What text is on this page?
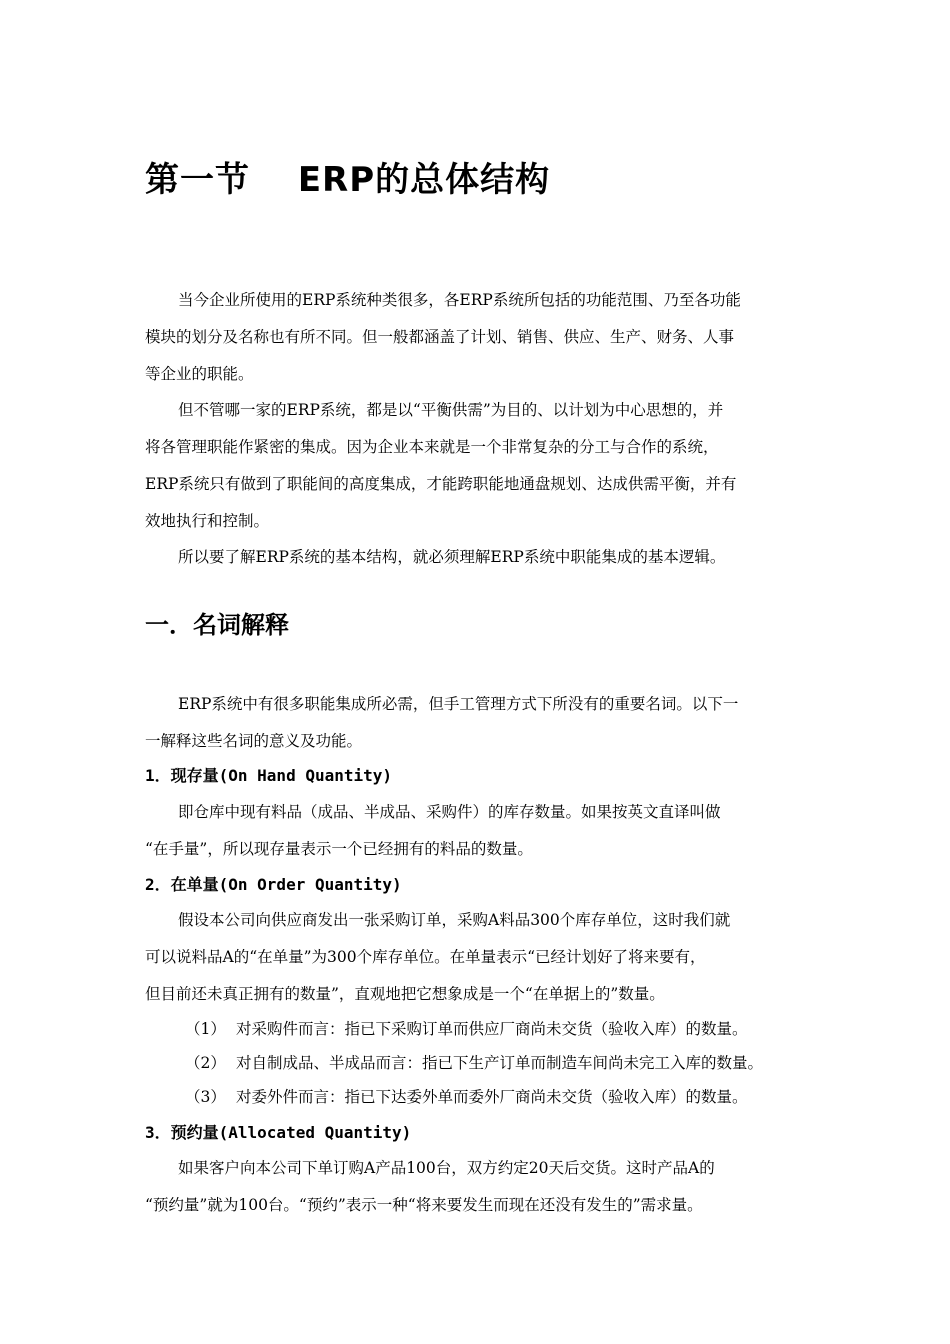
第一节　 ERP的总体结构

当今企业所使用的ERP系统种类很多，各ERP系统所包括的功能范围、乃至各功能

模块的划分及名称也有所不同。但一般都涵盖了计划、销售、供应、生产、财务、人事

等企业的职能。

但不管哪一家的ERP系统，都是以“平衡供需”为目的、以计划为中心思想的，并

将各管理职能作紧密的集成。因为企业本来就是一个非常复杂的分工与合作的系统，

ERP系统只有做到了职能间的高度集成，才能跨职能地通盘规划、达成供需平衡，并有

效地执行和控制。

所以要了解ERP系统的基本结构，就必须理解ERP系统中职能集成的基本逻辑。

一．名词解释

ERP系统中有很多职能集成所必需，但手工管理方式下所没有的重要名词。以下一

一解释这些名词的意义及功能。

1．现存量(On Hand Quantity)

即仓库中现有料品（成品、半成品、采购件）的库存数量。如果按英文直译叫做

“在手量”，所以现存量表示一个已经拥有的料品的数量。

2．在单量(On Order Quantity)

假设本公司向供应商发出一张采购订单，采购A料品300个库存单位，这时我们就

可以说料品A的“在单量”为300个库存单位。在单量表示“已经计划好了将来要有，

但目前还未真正拥有的数量”，直观地把它想象成是一个“在单据上的”数量。

（1） 对采购件而言：指已下采购订单而供应厂商尚未交货（验收入库）的数量。
（2） 对自制成品、半成品而言：指已下生产订单而制造车间尚未完工入库的数量。
（3） 对委外件而言：指已下达委外单而委外厂商尚未交货（验收入库）的数量。

3．预约量(Allocated Quantity)

如果客户向本公司下单订购A产品100台，双方约定20天后交货。这时产品A的

“预约量”就为100台。“预约”表示一种“将来要发生而现在还没有发生的”需求量。
